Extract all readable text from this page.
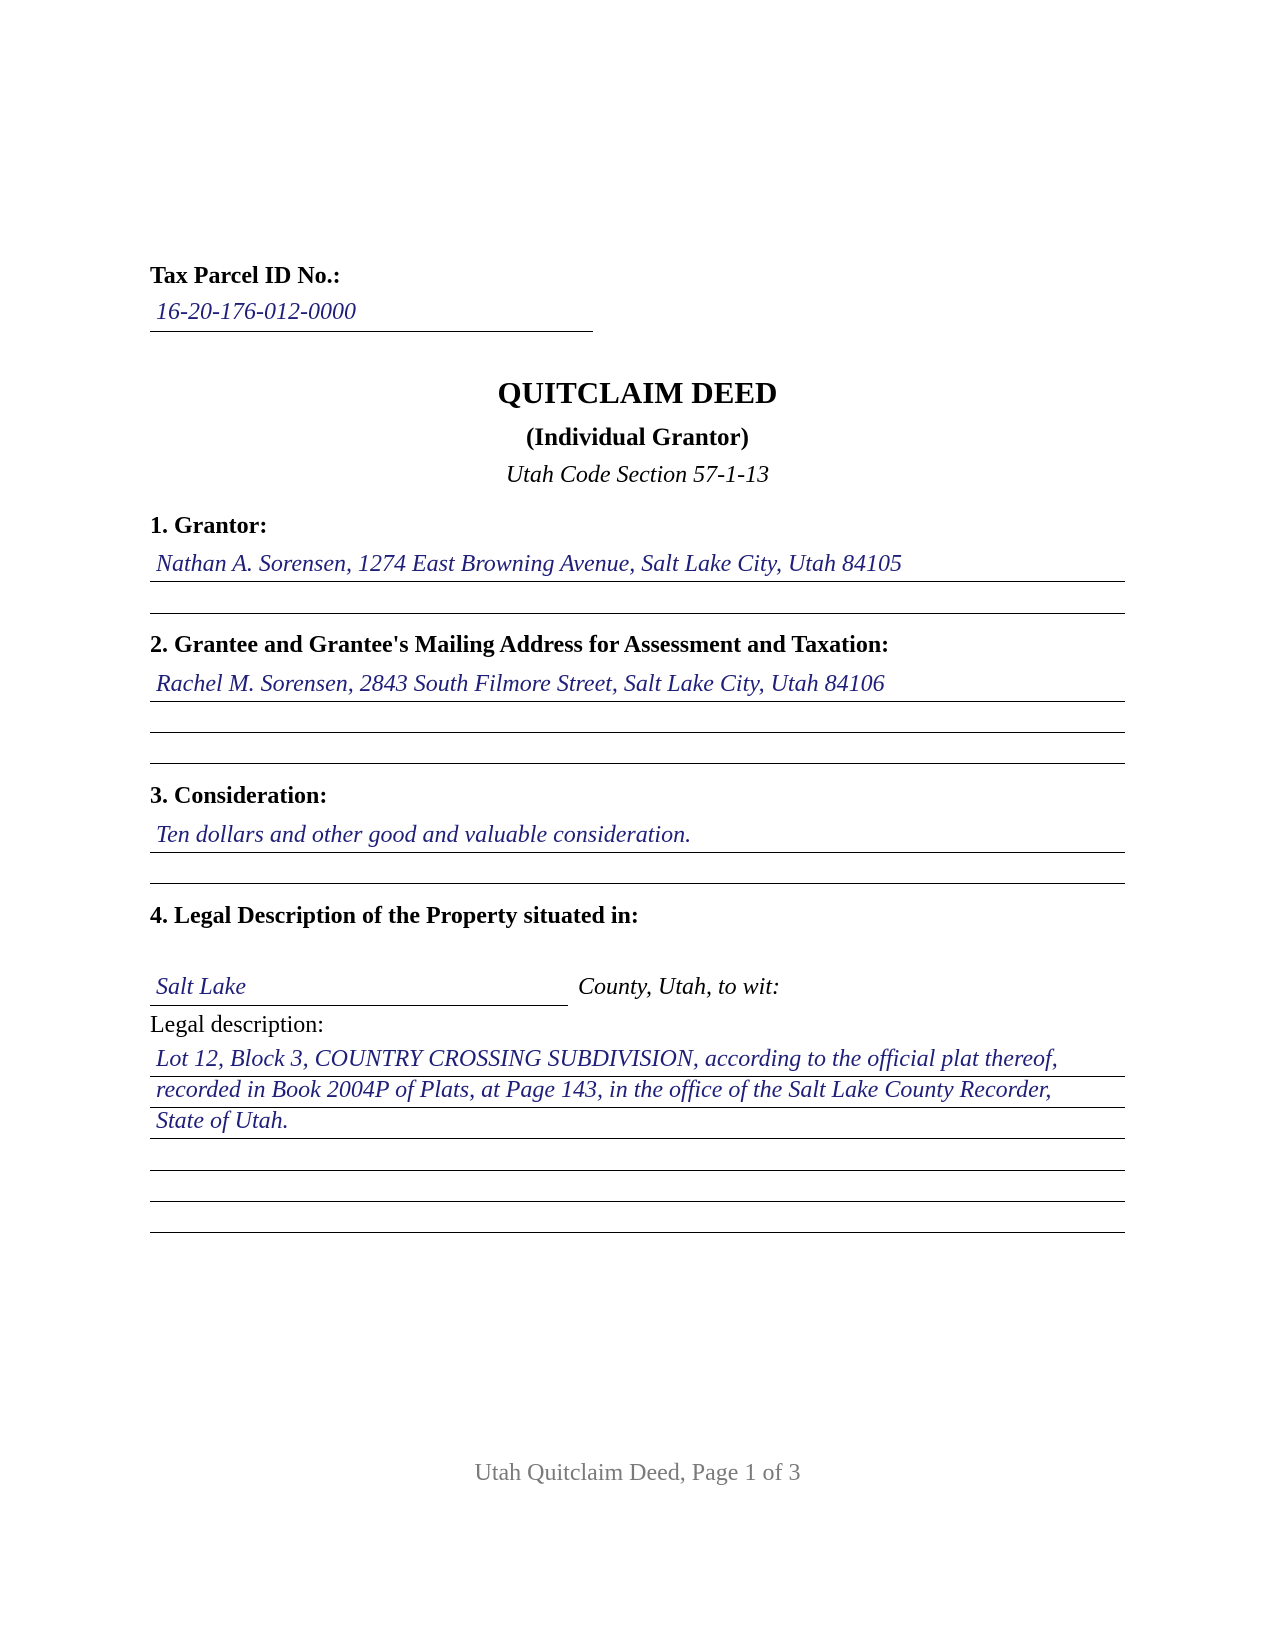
Tax Parcel ID No.:
16-20-176-012-0000
QUITCLAIM DEED
(Individual Grantor)
Utah Code Section 57-1-13
1. Grantor:
Nathan A. Sorensen, 1274 East Browning Avenue, Salt Lake City, Utah 84105
2. Grantee and Grantee's Mailing Address for Assessment and Taxation:
Rachel M. Sorensen, 2843 South Filmore Street, Salt Lake City, Utah 84106
3. Consideration:
Ten dollars and other good and valuable consideration.
4. Legal Description of the Property situated in:
Salt Lake	County, Utah, to wit:
Legal description:
Lot 12, Block 3, COUNTRY CROSSING SUBDIVISION, according to the official plat thereof,
recorded in Book 2004P of Plats, at Page 143, in the office of the Salt Lake County Recorder,
State of Utah.
Utah Quitclaim Deed, Page 1 of 3
